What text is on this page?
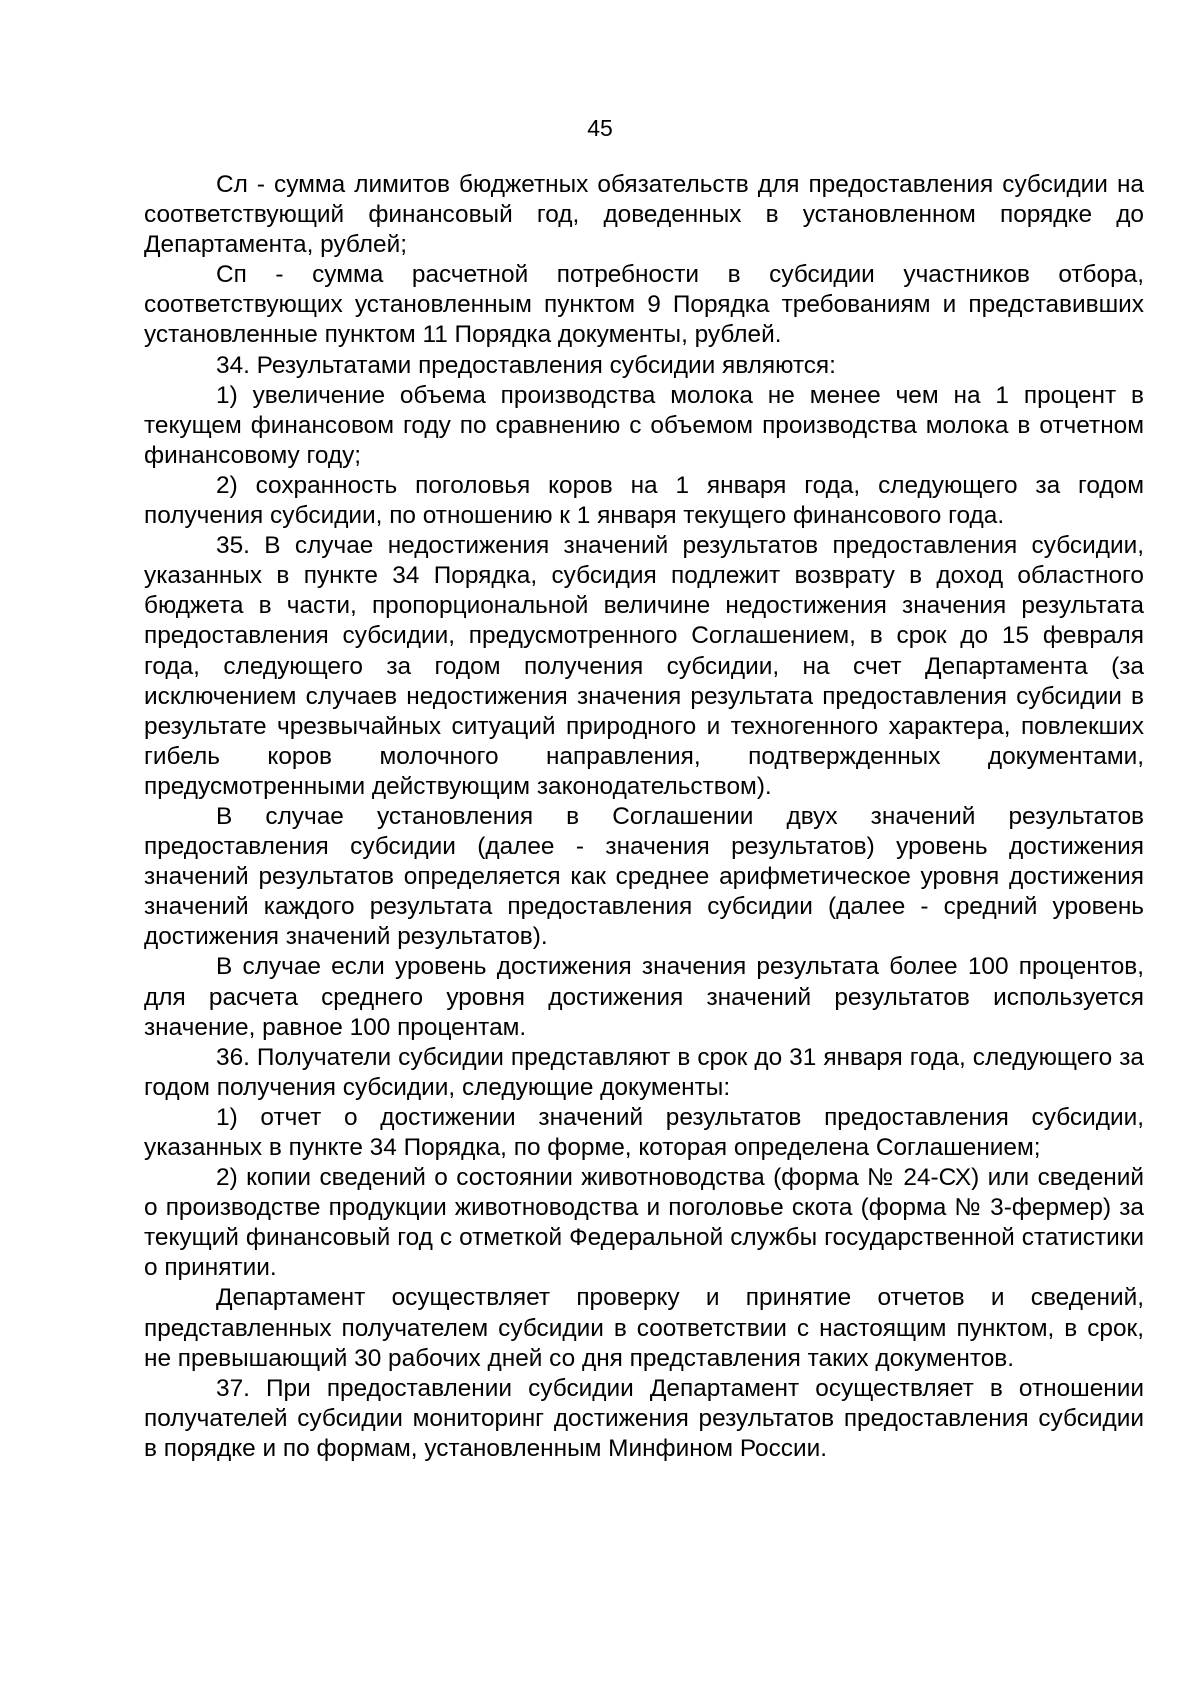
45

Сл - сумма лимитов бюджетных обязательств для предоставления субсидии на соответствующий финансовый год, доведенных в установленном порядке до Департамента, рублей;

Сп - сумма расчетной потребности в субсидии участников отбора, соответствующих установленным пунктом 9 Порядка требованиям и представивших установленные пунктом 11 Порядка документы, рублей.

34. Результатами предоставления субсидии являются:

1) увеличение объема производства молока не менее чем на 1 процент в текущем финансовом году по сравнению с объемом производства молока в отчетном финансовому году;

2) сохранность поголовья коров на 1 января года, следующего за годом получения субсидии, по отношению к 1 января текущего финансового года.

35. В случае недостижения значений результатов предоставления субсидии, указанных в пункте 34 Порядка, субсидия подлежит возврату в доход областного бюджета в части, пропорциональной величине недостижения значения результата предоставления субсидии, предусмотренного Соглашением, в срок до 15 февраля года, следующего за годом получения субсидии, на счет Департамента (за исключением случаев недостижения значения результата предоставления субсидии в результате чрезвычайных ситуаций природного и техногенного характера, повлекших гибель коров молочного направления, подтвержденных документами, предусмотренными действующим законодательством).

В случае установления в Соглашении двух значений результатов предоставления субсидии (далее - значения результатов) уровень достижения значений результатов определяется как среднее арифметическое уровня достижения значений каждого результата предоставления субсидии (далее - средний уровень достижения значений результатов).

В случае если уровень достижения значения результата более 100 процентов, для расчета среднего уровня достижения значений результатов используется значение, равное 100 процентам.

36. Получатели субсидии представляют в срок до 31 января года, следующего за годом получения субсидии, следующие документы:

1) отчет о достижении значений результатов предоставления субсидии, указанных в пункте 34 Порядка, по форме, которая определена Соглашением;

2) копии сведений о состоянии животноводства (форма № 24-СХ) или сведений о производстве продукции животноводства и поголовье скота (форма № 3-фермер) за текущий финансовый год с отметкой Федеральной службы государственной статистики о принятии.

Департамент осуществляет проверку и принятие отчетов и сведений, представленных получателем субсидии в соответствии с настоящим пунктом, в срок, не превышающий 30 рабочих дней со дня представления таких документов.

37. При предоставлении субсидии Департамент осуществляет в отношении получателей субсидии мониторинг достижения результатов предоставления субсидии в порядке и по формам, установленным Минфином России.
